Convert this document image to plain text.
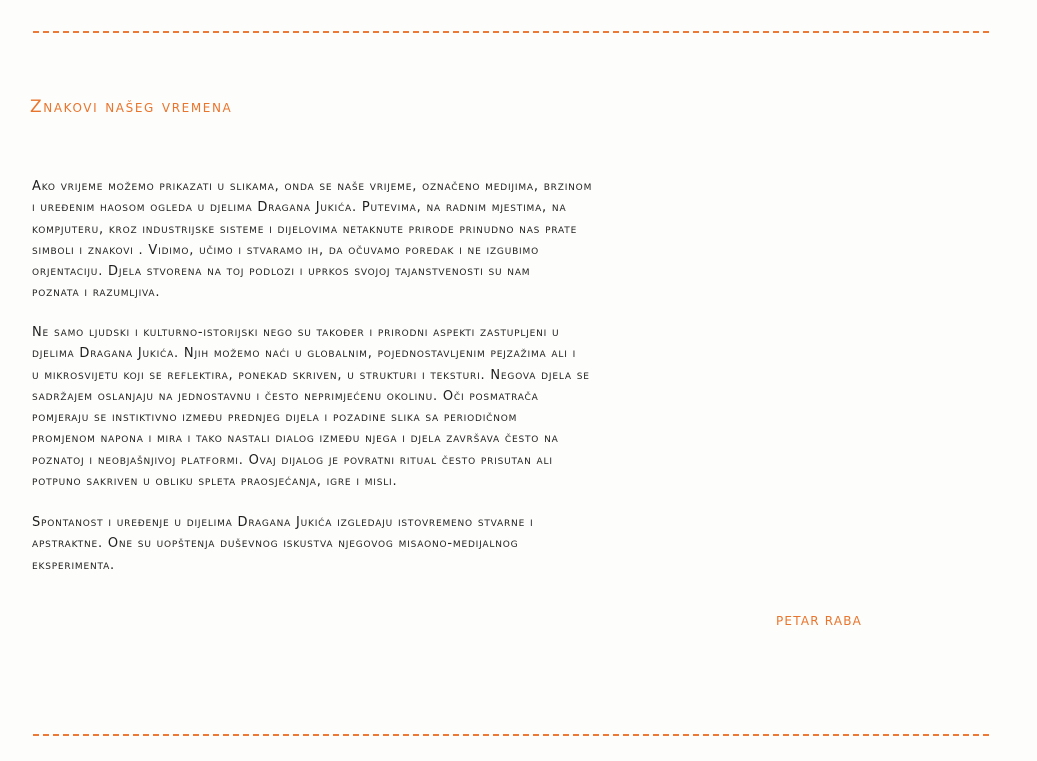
Znakovi našeg vremena

Ako vrijeme možemo prikazati u slikama, onda se naše vrijeme, označeno medijima, brzinom
i uređenim haosom ogleda u djelima Dragana Jukića. Putevima, na radnim mjestima, na
kompjuteru, kroz industrijske sisteme i dijelovima netaknute prirode prinudno nas prate
simboli i znakovi . Vidimo, učimo i stvaramo ih, da očuvamo poredak i ne izgubimo
orjentaciju. Djela stvorena na toj podlozi i uprkos svojoj tajanstvenosti su nam
poznata i razumljiva.

Ne samo ljudski i kulturno-istorijski nego su također i prirodni aspekti zastupljeni u
djelima Dragana Jukića. Njih možemo naći u globalnim, pojednostavljenim pejzažima ali i
u mikrosvijetu koji se reflektira, ponekad skriven, u strukturi i teksturi. Negova djela se
sadržajem oslanjaju na jednostavnu i često neprimjećenu okolinu. Oči posmatrača
pomjeraju se instiktivno između prednjeg dijela i pozadine slika sa periodičnom
promjenom napona i mira i tako nastali dialog između njega i djela završava često na
poznatoj i neobjašnjivoj platformi. Ovaj dijalog je povratni ritual često prisutan ali
potpuno sakriven u obliku spleta praosjećanja, igre i misli.

Spontanost i uređenje u dijelima Dragana Jukića izgledaju istovremeno stvarne i
apstraktne. One su uopštenja duševnog iskustva njegovog misaono-medijalnog
eksperimenta.

PETAR RABA
